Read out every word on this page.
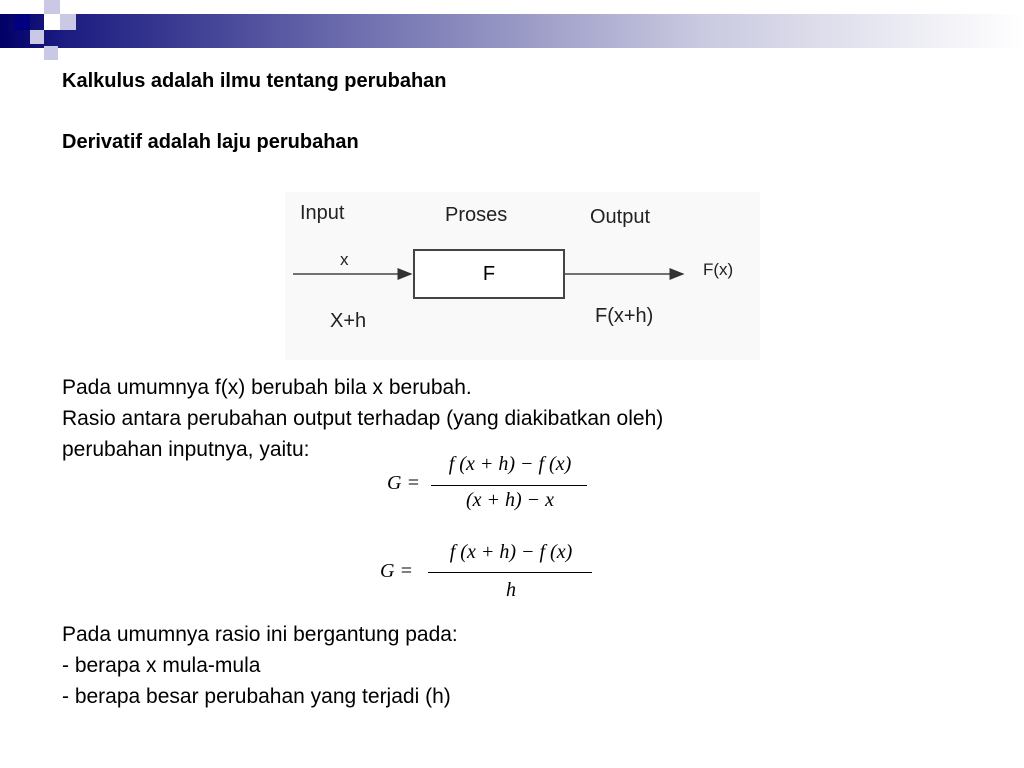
Kalkulus adalah ilmu tentang perubahan

Derivatif adalah laju perubahan

Input	Proses	Output
x
F	F(x)
X+h	F(x+h)

Pada umumnya f(x) berubah bila x berubah.

Rasio antara perubahan output terhadap (yang diakibatkan oleh)

perubahan inputnya, yaitu:

G =
f (x + h) − f (x)
(x + h) − x
G =
f (x + h) − f (x)
h

Pada umumnya rasio ini bergantung pada:

- berapa x mula-mula

- berapa besar perubahan yang terjadi (h)
